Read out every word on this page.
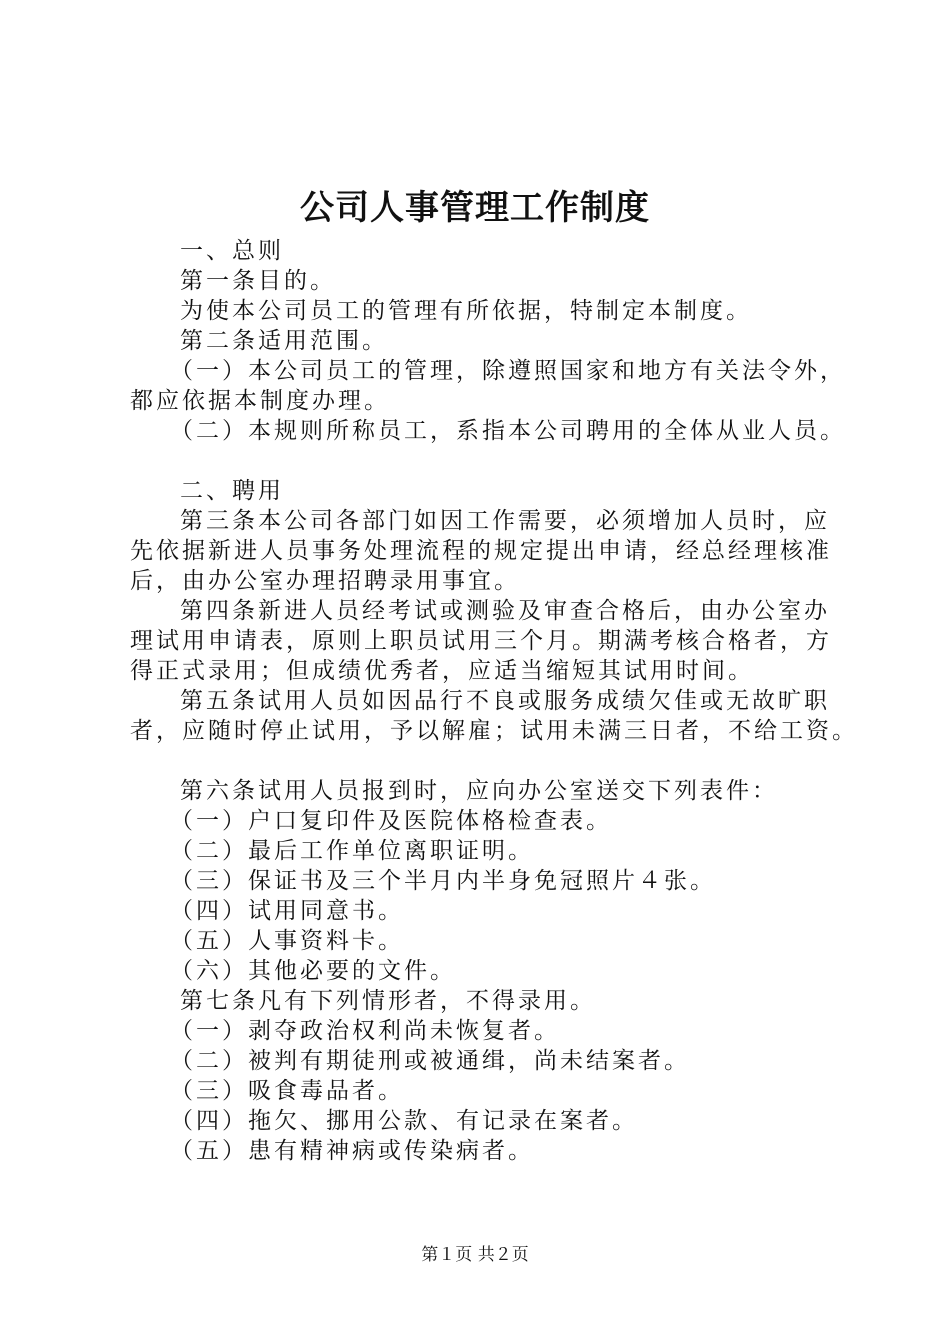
公司人事管理工作制度

一、总则

第一条目的。

为使本公司员工的管理有所依据，特制定本制度。

第二条适用范围。

（一）本公司员工的管理，除遵照国家和地方有关法令外，

都应依据本制度办理。

（二）本规则所称员工，系指本公司聘用的全体从业人员。

二、聘用

第三条本公司各部门如因工作需要，必须增加人员时，应

先依据新进人员事务处理流程的规定提出申请，经总经理核准

后，由办公室办理招聘录用事宜。

第四条新进人员经考试或测验及审查合格后，由办公室办

理试用申请表，原则上职员试用三个月。期满考核合格者，方

得正式录用；但成绩优秀者，应适当缩短其试用时间。

第五条试用人员如因品行不良或服务成绩欠佳或无故旷职

者，应随时停止试用，予以解雇；试用未满三日者，不给工资。

第六条试用人员报到时，应向办公室送交下列表件：

（一）户口复印件及医院体格检查表。

（二）最后工作单位离职证明。

（三）保证书及三个半月内半身免冠照片４张。

（四）试用同意书。

（五）人事资料卡。

（六）其他必要的文件。

第七条凡有下列情形者，不得录用。

（一）剥夺政治权利尚未恢复者。

（二）被判有期徒刑或被通缉，尚未结案者。

（三）吸食毒品者。

（四）拖欠、挪用公款、有记录在案者。

（五）患有精神病或传染病者。

第１页 共２页
